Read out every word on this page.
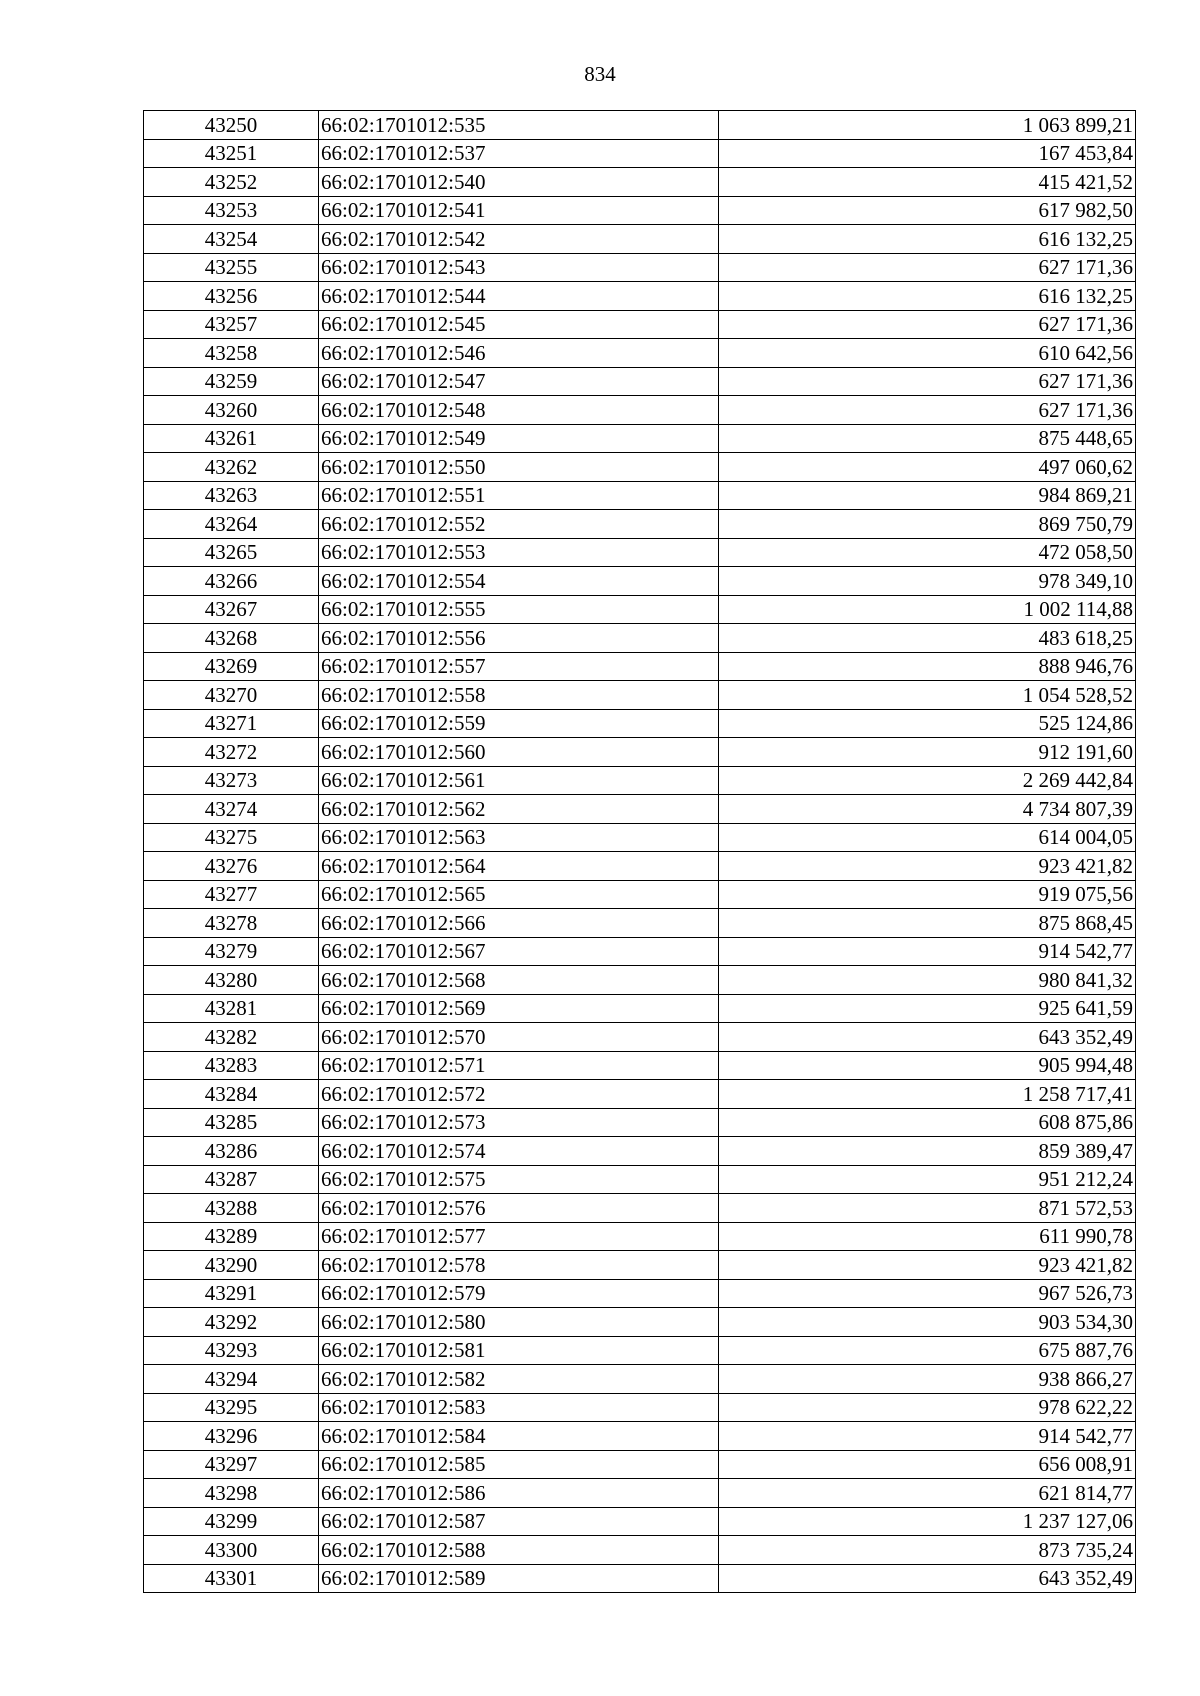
834
43250	66:02:1701012:535	1 063 899,21
43251	66:02:1701012:537	167 453,84
43252	66:02:1701012:540	415 421,52
43253	66:02:1701012:541	617 982,50
43254	66:02:1701012:542	616 132,25
43255	66:02:1701012:543	627 171,36
43256	66:02:1701012:544	616 132,25
43257	66:02:1701012:545	627 171,36
43258	66:02:1701012:546	610 642,56
43259	66:02:1701012:547	627 171,36
43260	66:02:1701012:548	627 171,36
43261	66:02:1701012:549	875 448,65
43262	66:02:1701012:550	497 060,62
43263	66:02:1701012:551	984 869,21
43264	66:02:1701012:552	869 750,79
43265	66:02:1701012:553	472 058,50
43266	66:02:1701012:554	978 349,10
43267	66:02:1701012:555	1 002 114,88
43268	66:02:1701012:556	483 618,25
43269	66:02:1701012:557	888 946,76
43270	66:02:1701012:558	1 054 528,52
43271	66:02:1701012:559	525 124,86
43272	66:02:1701012:560	912 191,60
43273	66:02:1701012:561	2 269 442,84
43274	66:02:1701012:562	4 734 807,39
43275	66:02:1701012:563	614 004,05
43276	66:02:1701012:564	923 421,82
43277	66:02:1701012:565	919 075,56
43278	66:02:1701012:566	875 868,45
43279	66:02:1701012:567	914 542,77
43280	66:02:1701012:568	980 841,32
43281	66:02:1701012:569	925 641,59
43282	66:02:1701012:570	643 352,49
43283	66:02:1701012:571	905 994,48
43284	66:02:1701012:572	1 258 717,41
43285	66:02:1701012:573	608 875,86
43286	66:02:1701012:574	859 389,47
43287	66:02:1701012:575	951 212,24
43288	66:02:1701012:576	871 572,53
43289	66:02:1701012:577	611 990,78
43290	66:02:1701012:578	923 421,82
43291	66:02:1701012:579	967 526,73
43292	66:02:1701012:580	903 534,30
43293	66:02:1701012:581	675 887,76
43294	66:02:1701012:582	938 866,27
43295	66:02:1701012:583	978 622,22
43296	66:02:1701012:584	914 542,77
43297	66:02:1701012:585	656 008,91
43298	66:02:1701012:586	621 814,77
43299	66:02:1701012:587	1 237 127,06
43300	66:02:1701012:588	873 735,24
43301	66:02:1701012:589	643 352,49
